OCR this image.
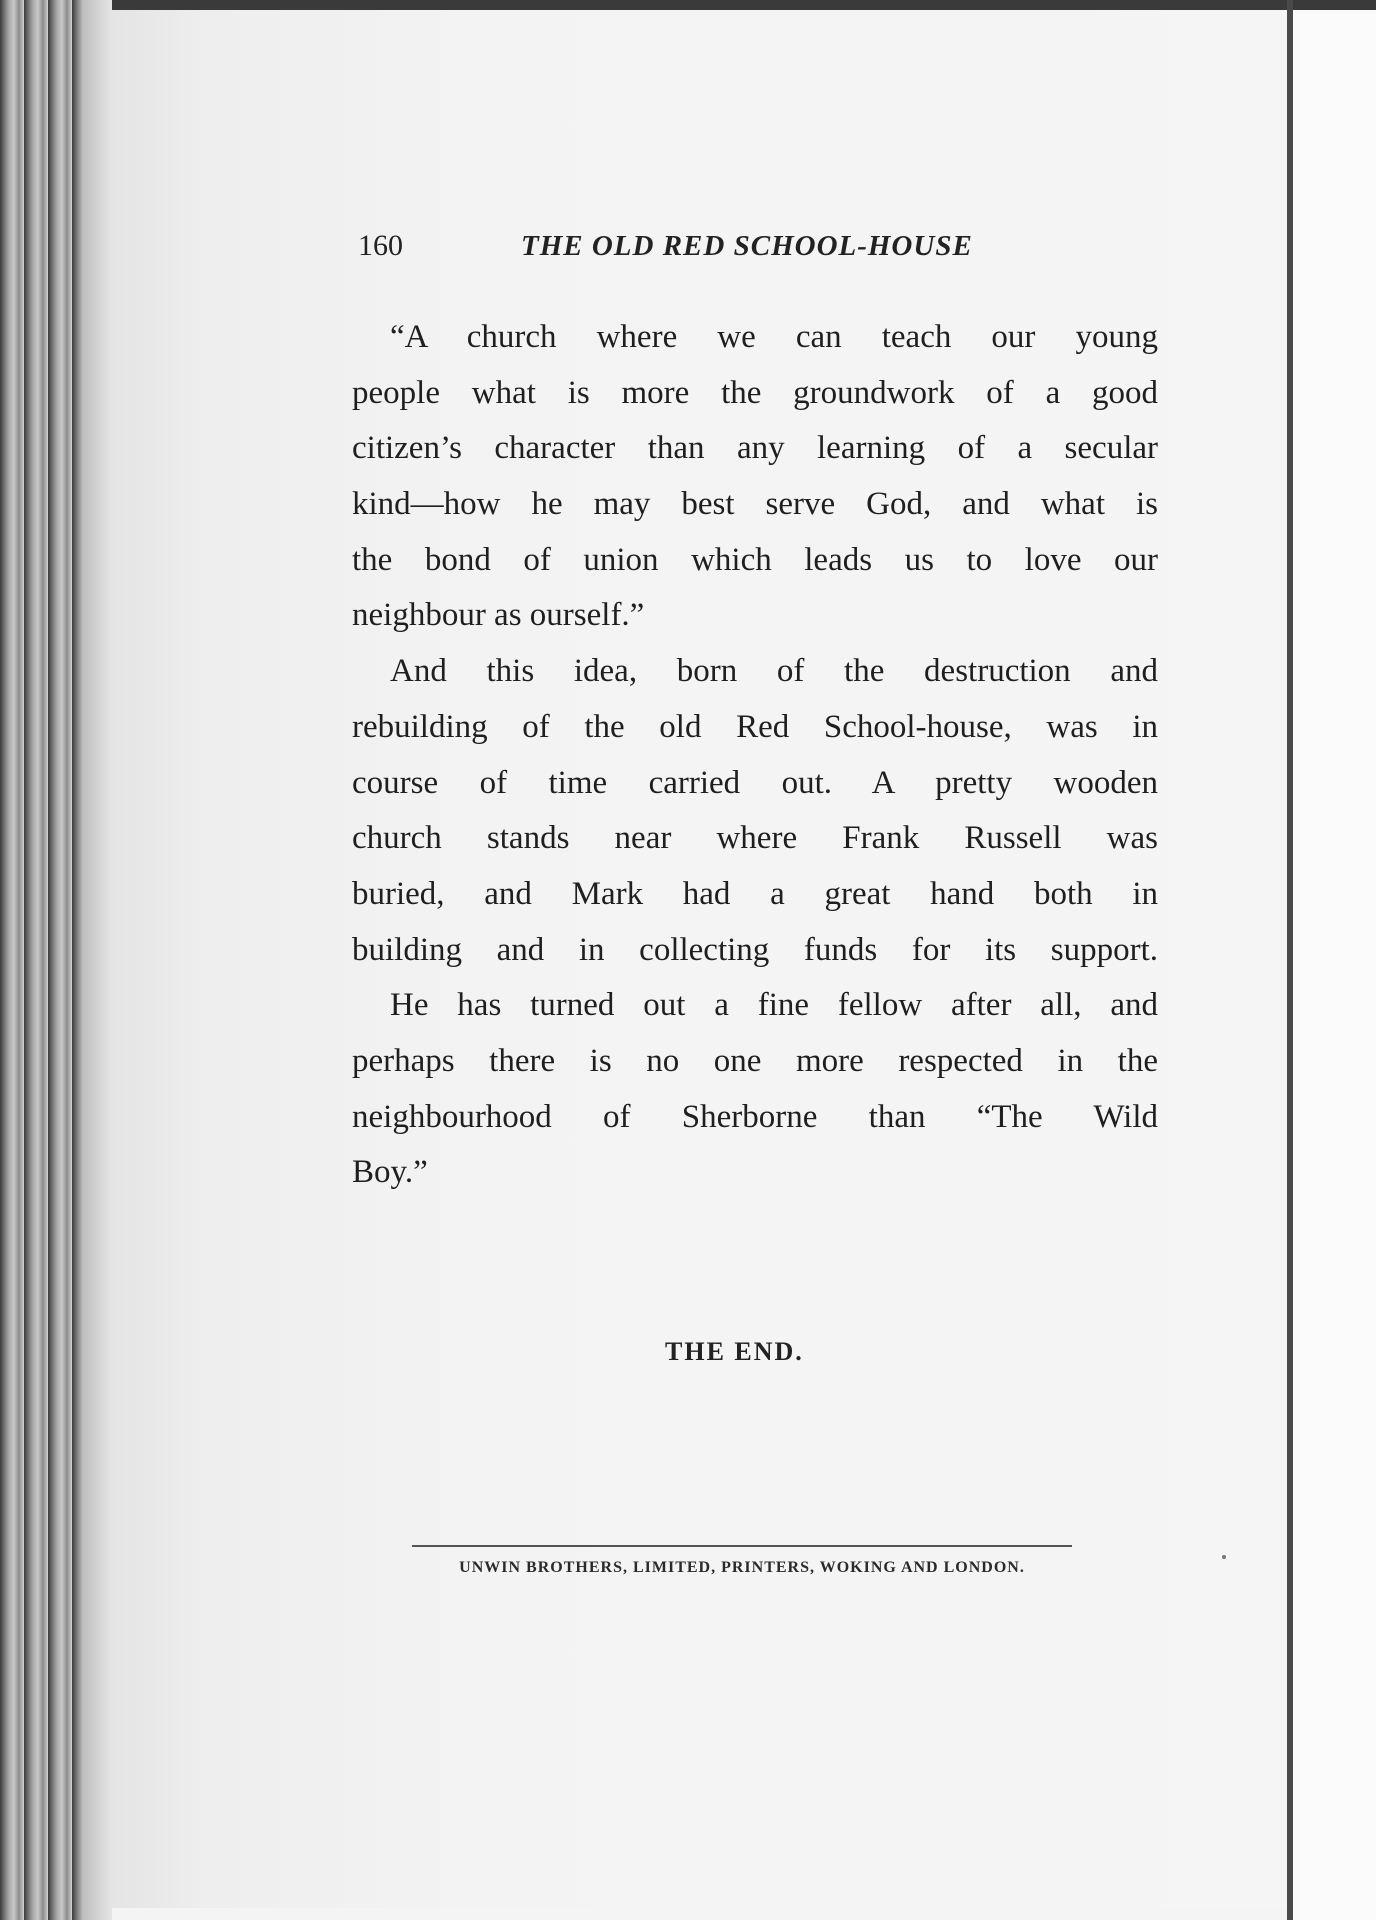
160	THE OLD RED SCHOOL-HOUSE

“A church where we can teach our young
people what is more the groundwork of a good
citizen’s character than any learning of a secular
kind—how he may best serve God, and what is
the bond of union which leads us to love our
neighbour as ourself.”

And this idea, born of the destruction and
rebuilding of the old Red School-house, was in
course of time carried out. A pretty wooden
church stands near where Frank Russell was
buried, and Mark had a great hand both in
building and in collecting funds for its support.

He has turned out a fine fellow after all, and
perhaps there is no one more respected in the
neighbourhood of Sherborne than “The Wild
Boy.”

THE END.
UNWIN BROTHERS, LIMITED, PRINTERS, WOKING AND LONDON.
